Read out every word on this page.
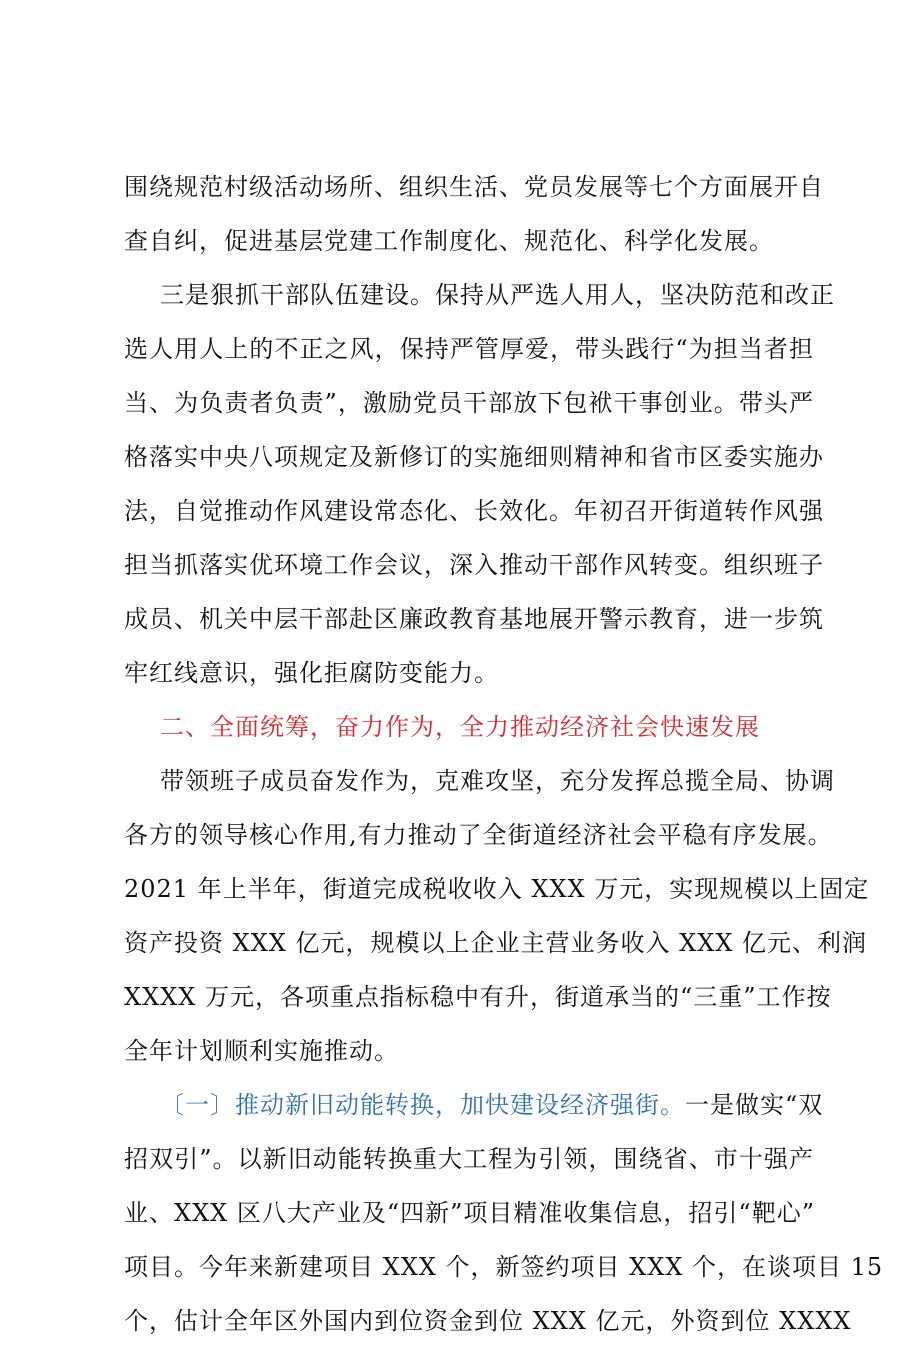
围绕规范村级活动场所、组织生活、党员发展等七个方面展开自
查自纠，促进基层党建工作制度化、规范化、科学化发展。
三是狠抓干部队伍建设。保持从严选人用人，坚决防范和改正
选人用人上的不正之风，保持严管厚爱，带头践行“为担当者担
当、为负责者负责”，激励党员干部放下包袱干事创业。带头严
格落实中央八项规定及新修订的实施细则精神和省市区委实施办
法，自觉推动作风建设常态化、长效化。年初召开街道转作风强
担当抓落实优环境工作会议，深入推动干部作风转变。组织班子
成员、机关中层干部赴区廉政教育基地展开警示教育，进一步筑
牢红线意识，强化拒腐防变能力。
二、全面统筹，奋力作为，全力推动经济社会快速发展
带领班子成员奋发作为，克难攻坚，充分发挥总揽全局、协调
各方的领导核心作用,有力推动了全街道经济社会平稳有序发展。
2021 年上半年，街道完成税收收入 XXX 万元，实现规模以上固定
资产投资 XXX 亿元，规模以上企业主营业务收入 XXX 亿元、利润
XXXX 万元，各项重点指标稳中有升，街道承当的“三重”工作按
全年计划顺利实施推动。
〔一〕推动新旧动能转换，加快建设经济强街。一是做实“双
招双引”。以新旧动能转换重大工程为引领，围绕省、市十强产
业、XXX 区八大产业及“四新”项目精准收集信息，招引“靶心”
项目。今年来新建项目 XXX 个，新签约项目 XXX 个，在谈项目 15
个，估计全年区外国内到位资金到位 XXX 亿元，外资到位 XXXX
